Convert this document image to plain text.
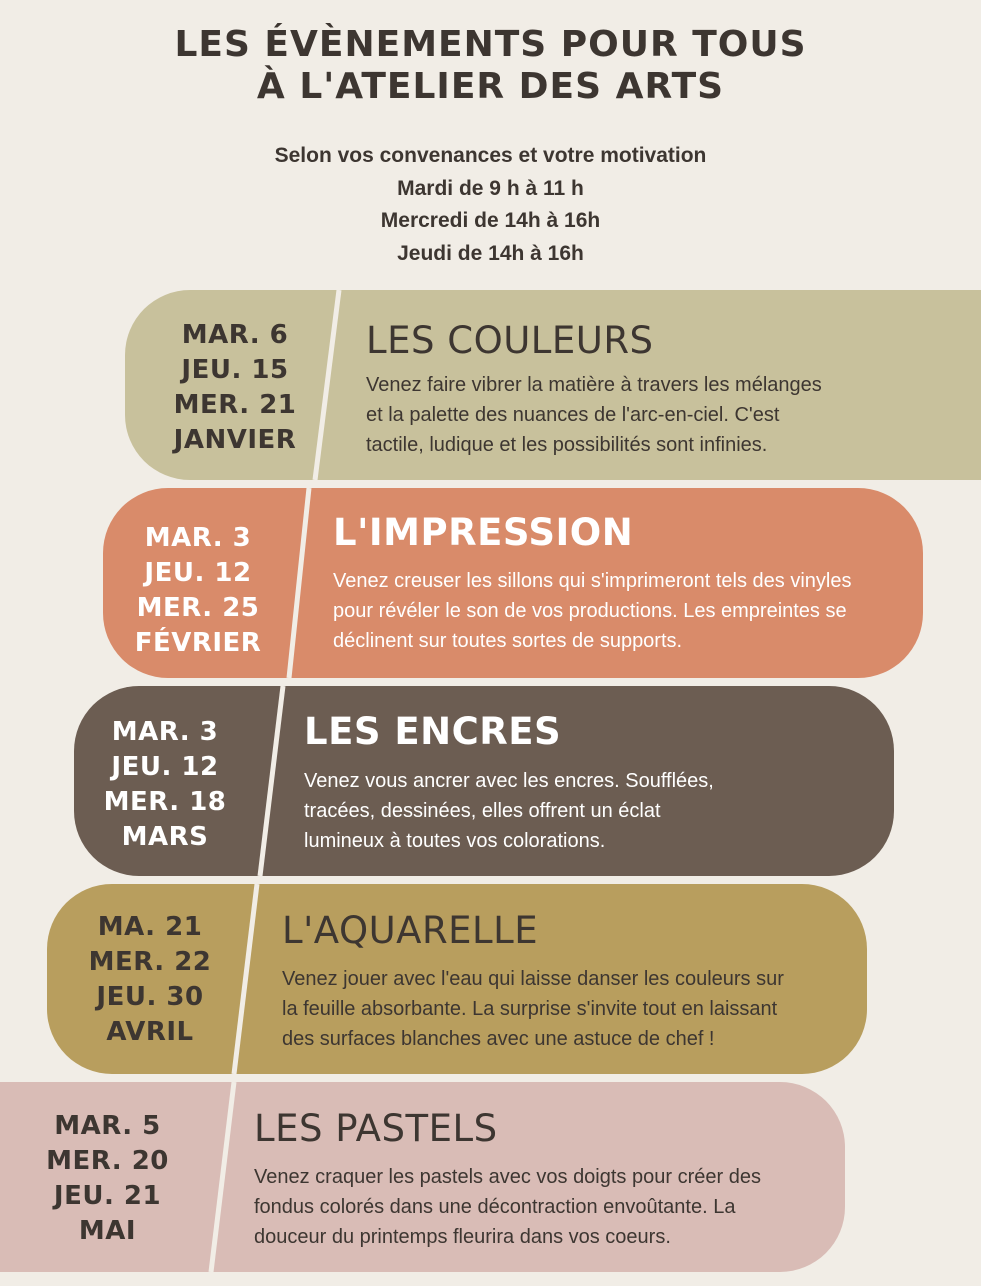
LES ÉVÈNEMENTS POUR TOUS
À L'ATELIER DES ARTS
Selon vos convenances et votre motivation
Mardi de 9 h à 11 h
Mercredi de 14h à 16h
Jeudi de 14h à 16h
MAR. 6
JEU. 15
MER. 21
JANVIER
LES COULEURS
Venez faire vibrer la matière à travers les mélanges
et la palette des nuances de l'arc-en-ciel. C'est
tactile, ludique et les possibilités sont infinies.
MAR. 3
JEU. 12
MER. 25
FÉVRIER
L'IMPRESSION
Venez creuser les sillons qui s'imprimeront tels des vinyles
pour révéler le son de vos productions. Les empreintes se
déclinent sur toutes sortes de supports.
MAR. 3
JEU. 12
MER. 18
MARS
LES ENCRES
Venez vous ancrer avec les encres. Soufflées,
tracées, dessinées, elles offrent un éclat
lumineux à toutes vos colorations.
MA. 21
MER. 22
JEU. 30
AVRIL
L'AQUARELLE
Venez jouer avec l'eau qui laisse danser les couleurs sur
la feuille absorbante. La surprise s'invite tout en laissant
des surfaces blanches avec une astuce de chef !
MAR. 5
MER. 20
JEU. 21
MAI
LES PASTELS
Venez craquer les pastels avec vos doigts pour créer des
fondus colorés dans une décontraction envoûtante. La
douceur du printemps fleurira dans vos coeurs.
